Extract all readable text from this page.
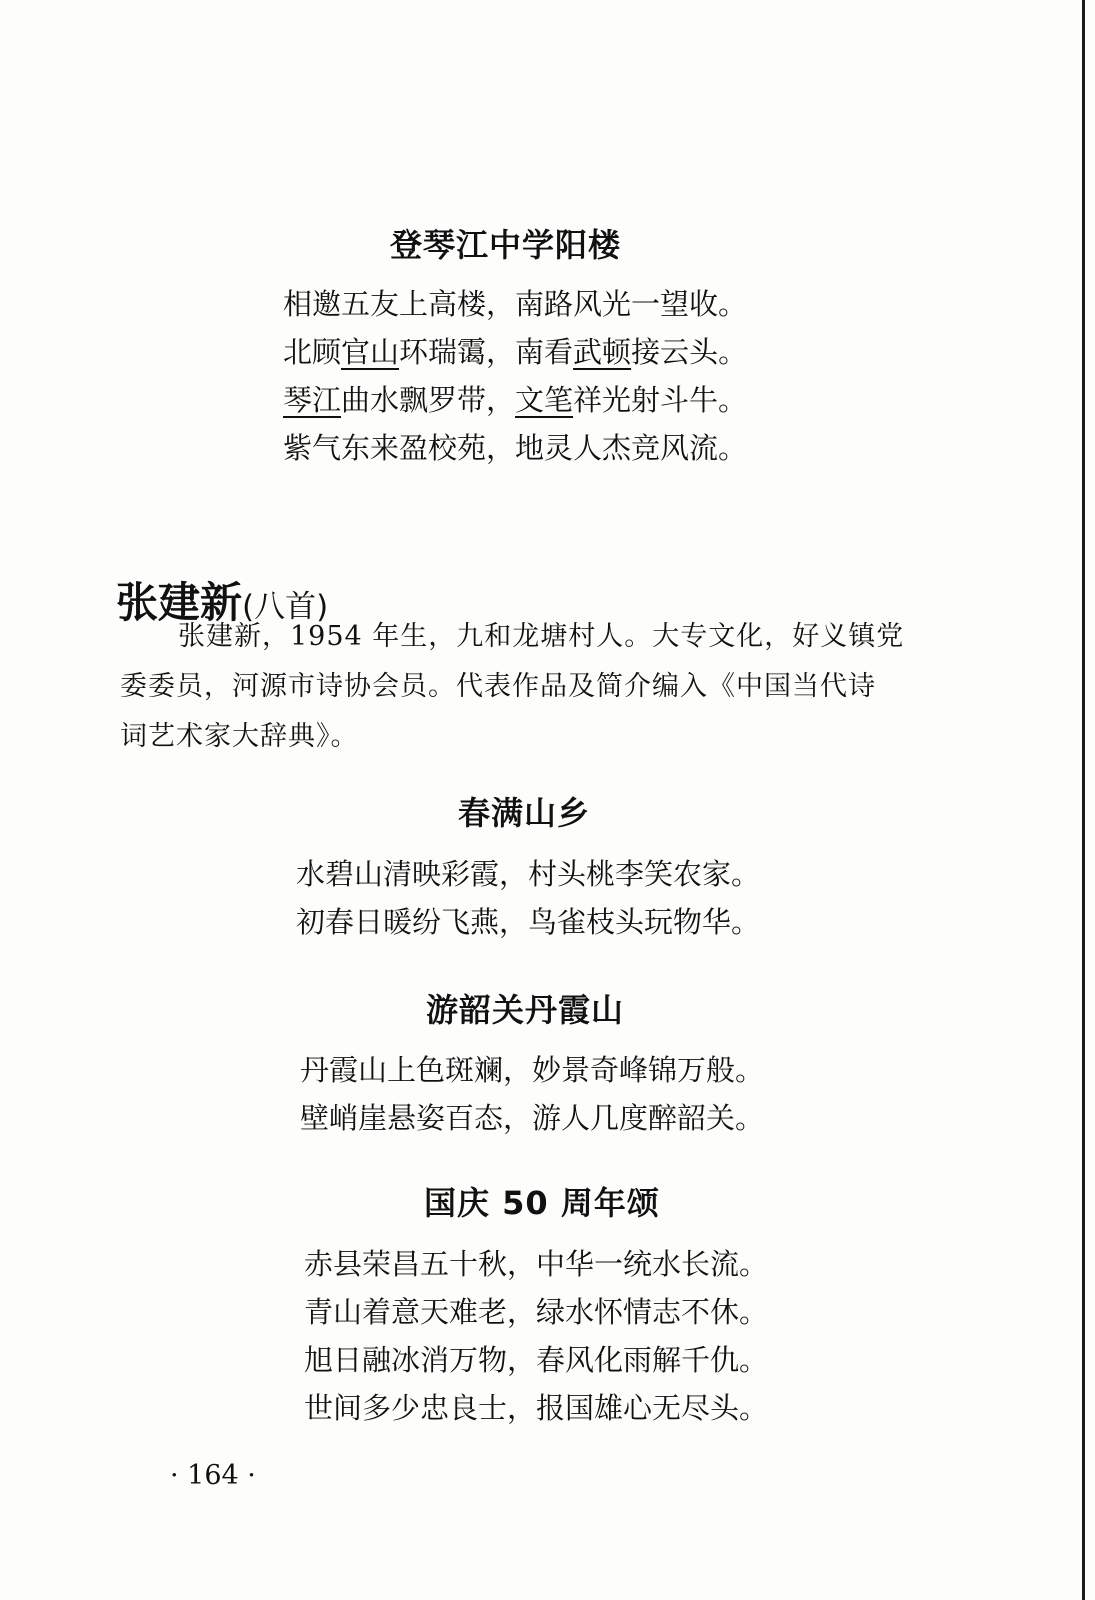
登琴江中学阳楼
相邀五友上高楼，南路风光一望收。
北顾官山环瑞霭，南看武顿接云头。
琴江曲水飘罗带，文笔祥光射斗牛。
紫气东来盈校苑，地灵人杰竞风流。
张建新(八首)
张建新，1954 年生，九和龙塘村人。大专文化，好义镇党
委委员，河源市诗协会员。代表作品及简介编入《中国当代诗
词艺术家大辞典》。
春满山乡
水碧山清映彩霞，村头桃李笑农家。
初春日暖纷飞燕，鸟雀枝头玩物华。
游韶关丹霞山
丹霞山上色斑斓，妙景奇峰锦万般。
壁峭崖悬姿百态，游人几度醉韶关。
国庆 50 周年颂
赤县荣昌五十秋，中华一统水长流。
青山着意天难老，绿水怀情志不休。
旭日融冰消万物，春风化雨解千仇。
世间多少忠良士，报国雄心无尽头。
· 164 ·
